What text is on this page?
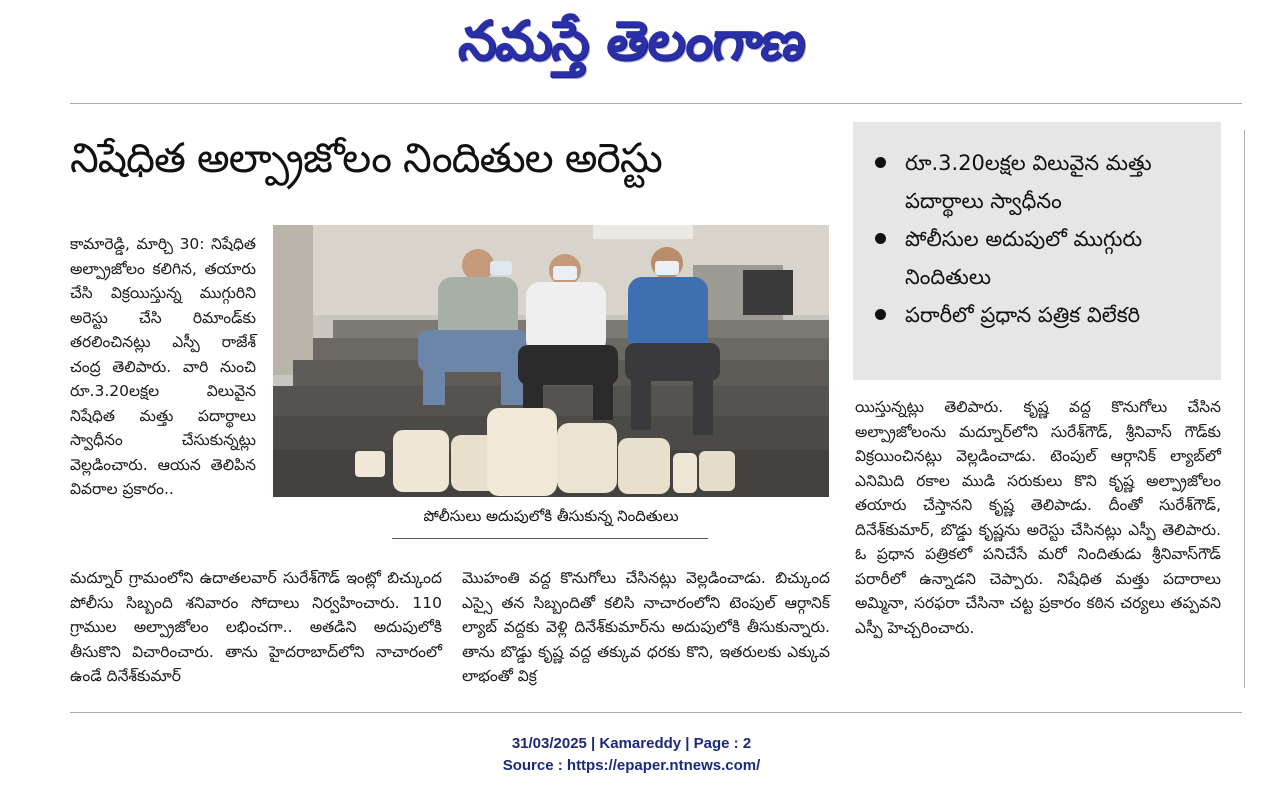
నమస్తే తెలంగాణ
నిషేధిత అల్ప్రాజోలం నిందితుల అరెస్టు	రూ.3.20లక్షల విలువైన మత్తు పదార్థాలు స్వాధీనం
పోలీసుల అదుపులో ముగ్గురు నిందితులు
పరారీలో ప్రధాన పత్రిక విలేకరి

కామారెడ్డి, మార్చి 30: నిషేధిత అల్ప్రాజోలం కలిగిన, తయారు చేసి విక్రయిస్తున్న ముగ్గురిని అరెస్టు చేసి రిమాండ్‌కు తరలించినట్లు ఎస్పీ రాజేశ్ చంద్ర తెలిపారు. వారి నుంచి రూ.3.20లక్షల విలువైన నిషేధిత మత్తు పదార్థాలు స్వాధీనం చేసుకున్నట్లు వెల్లడించారు. ఆయన తెలిపిన వివరాల ప్రకారం..

పోలీసులు అదుపులోకి తీసుకున్న నిందితులు

మద్నూర్ గ్రామంలోని ఉదాతలవార్ సురేశ్‌గౌడ్ ఇంట్లో బిచ్కుంద పోలీసు సిబ్బంది శనివారం సోదాలు నిర్వహించారు. 110 గ్రాముల అల్ప్రాజోలం లభించగా.. అతడిని అదుపులోకి తీసుకొని విచారించారు. తాను హైదరాబాద్‌లోని నాచారంలో ఉండే దినేశ్‌కుమార్

మొహంతి వద్ద కొనుగోలు చేసినట్లు వెల్లడించాడు. బిచ్కుంద ఎస్సై తన సిబ్బందితో కలిసి నాచారంలోని టెంపుల్ ఆర్గానిక్ ల్యాబ్ వద్దకు వెళ్లి దినేశ్‌కుమార్‌ను అదుపులోకి తీసుకున్నారు. తాను బొడ్డు కృష్ణ వద్ద తక్కువ ధరకు కొని, ఇతరులకు ఎక్కువ లాభంతో విక్ర

యిస్తున్నట్లు తెలిపారు. కృష్ణ వద్ద కొనుగోలు చేసిన అల్ప్రాజోలంను మద్నూర్‌లోని సురేశ్‌గౌడ్, శ్రీనివాస్ గౌడ్‌కు విక్రయించినట్లు వెల్లడించాడు. టెంపుల్ ఆర్గానిక్ ల్యాబ్‌లో ఎనిమిది రకాల ముడి సరుకులు కొని కృష్ణ అల్ప్రాజోలం తయారు చేస్తానని కృష్ణ తెలిపాడు. దీంతో సురేశ్‌గౌడ్, దినేశ్‌కుమార్, బొడ్డు కృష్ణను అరెస్టు చేసినట్లు ఎస్పీ తెలిపారు. ఓ ప్రధాన పత్రికలో పనిచేసే మరో నిందితుడు శ్రీనివాస్‌గౌడ్ పరారీలో ఉన్నాడని చెప్పారు. నిషేధిత మత్తు పదారాలు అమ్మినా, సరఫరా చేసినా చట్ట ప్రకారం కఠిన చర్యలు తప్పవని ఎస్పీ హెచ్చరించారు.

31/03/2025 | Kamareddy | Page : 2
Source : https://epaper.ntnews.com/
